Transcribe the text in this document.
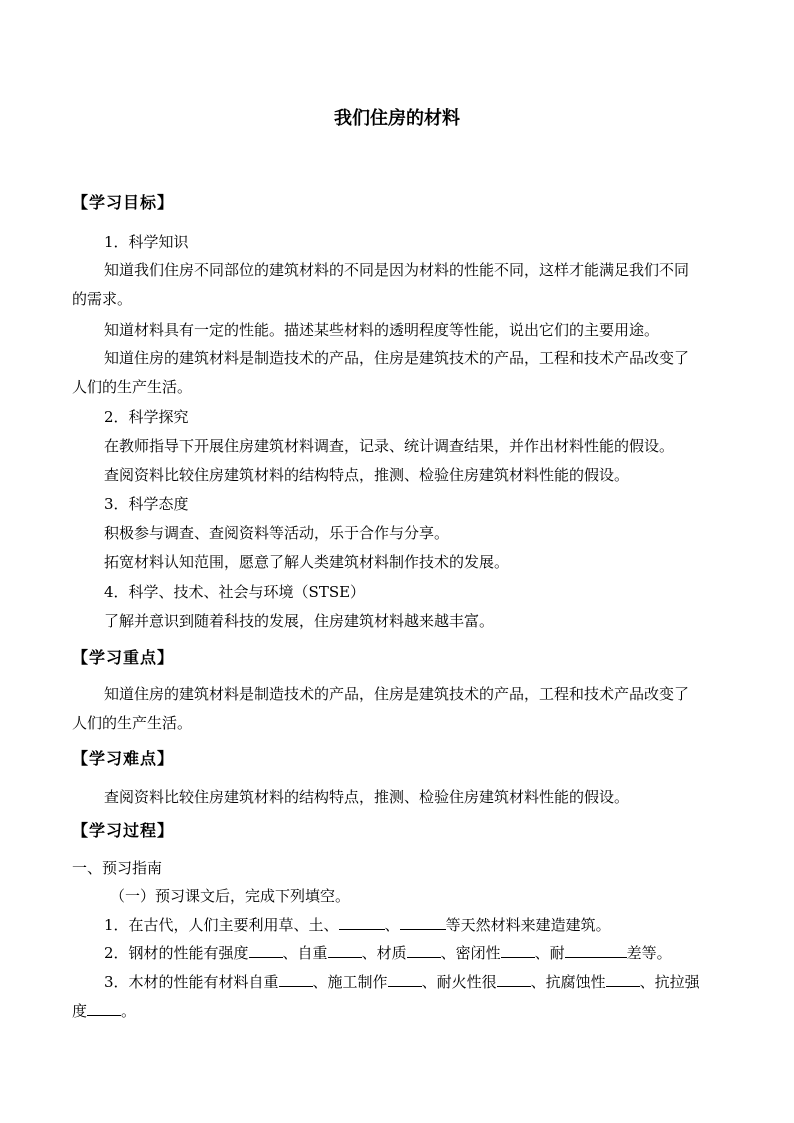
我们住房的材料
【学习目标】
1．科学知识
知道我们住房不同部位的建筑材料的不同是因为材料的性能不同，这样才能满足我们不同
的需求。
知道材料具有一定的性能。描述某些材料的透明程度等性能，说出它们的主要用途。
知道住房的建筑材料是制造技术的产品，住房是建筑技术的产品，工程和技术产品改变了
人们的生产生活。
2．科学探究
在教师指导下开展住房建筑材料调查，记录、统计调查结果，并作出材料性能的假设。
查阅资料比较住房建筑材料的结构特点，推测、检验住房建筑材料性能的假设。
3．科学态度
积极参与调查、查阅资料等活动，乐于合作与分享。
拓宽材料认知范围，愿意了解人类建筑材料制作技术的发展。
4．科学、技术、社会与环境（STSE）
了解并意识到随着科技的发展，住房建筑材料越来越丰富。
【学习重点】
知道住房的建筑材料是制造技术的产品，住房是建筑技术的产品，工程和技术产品改变了
人们的生产生活。
【学习难点】
查阅资料比较住房建筑材料的结构特点，推测、检验住房建筑材料性能的假设。
【学习过程】
一、预习指南
（一）预习课文后，完成下列填空。
1．在古代，人们主要利用草、土、	、	等天然材料来建造建筑。
2．钢材的性能有强度 、自重 、材质 、密闭性 、耐	差等。
3．木材的性能有材料自重 、施工制作 、耐火性很 、抗腐蚀性 、抗拉强
度 。
